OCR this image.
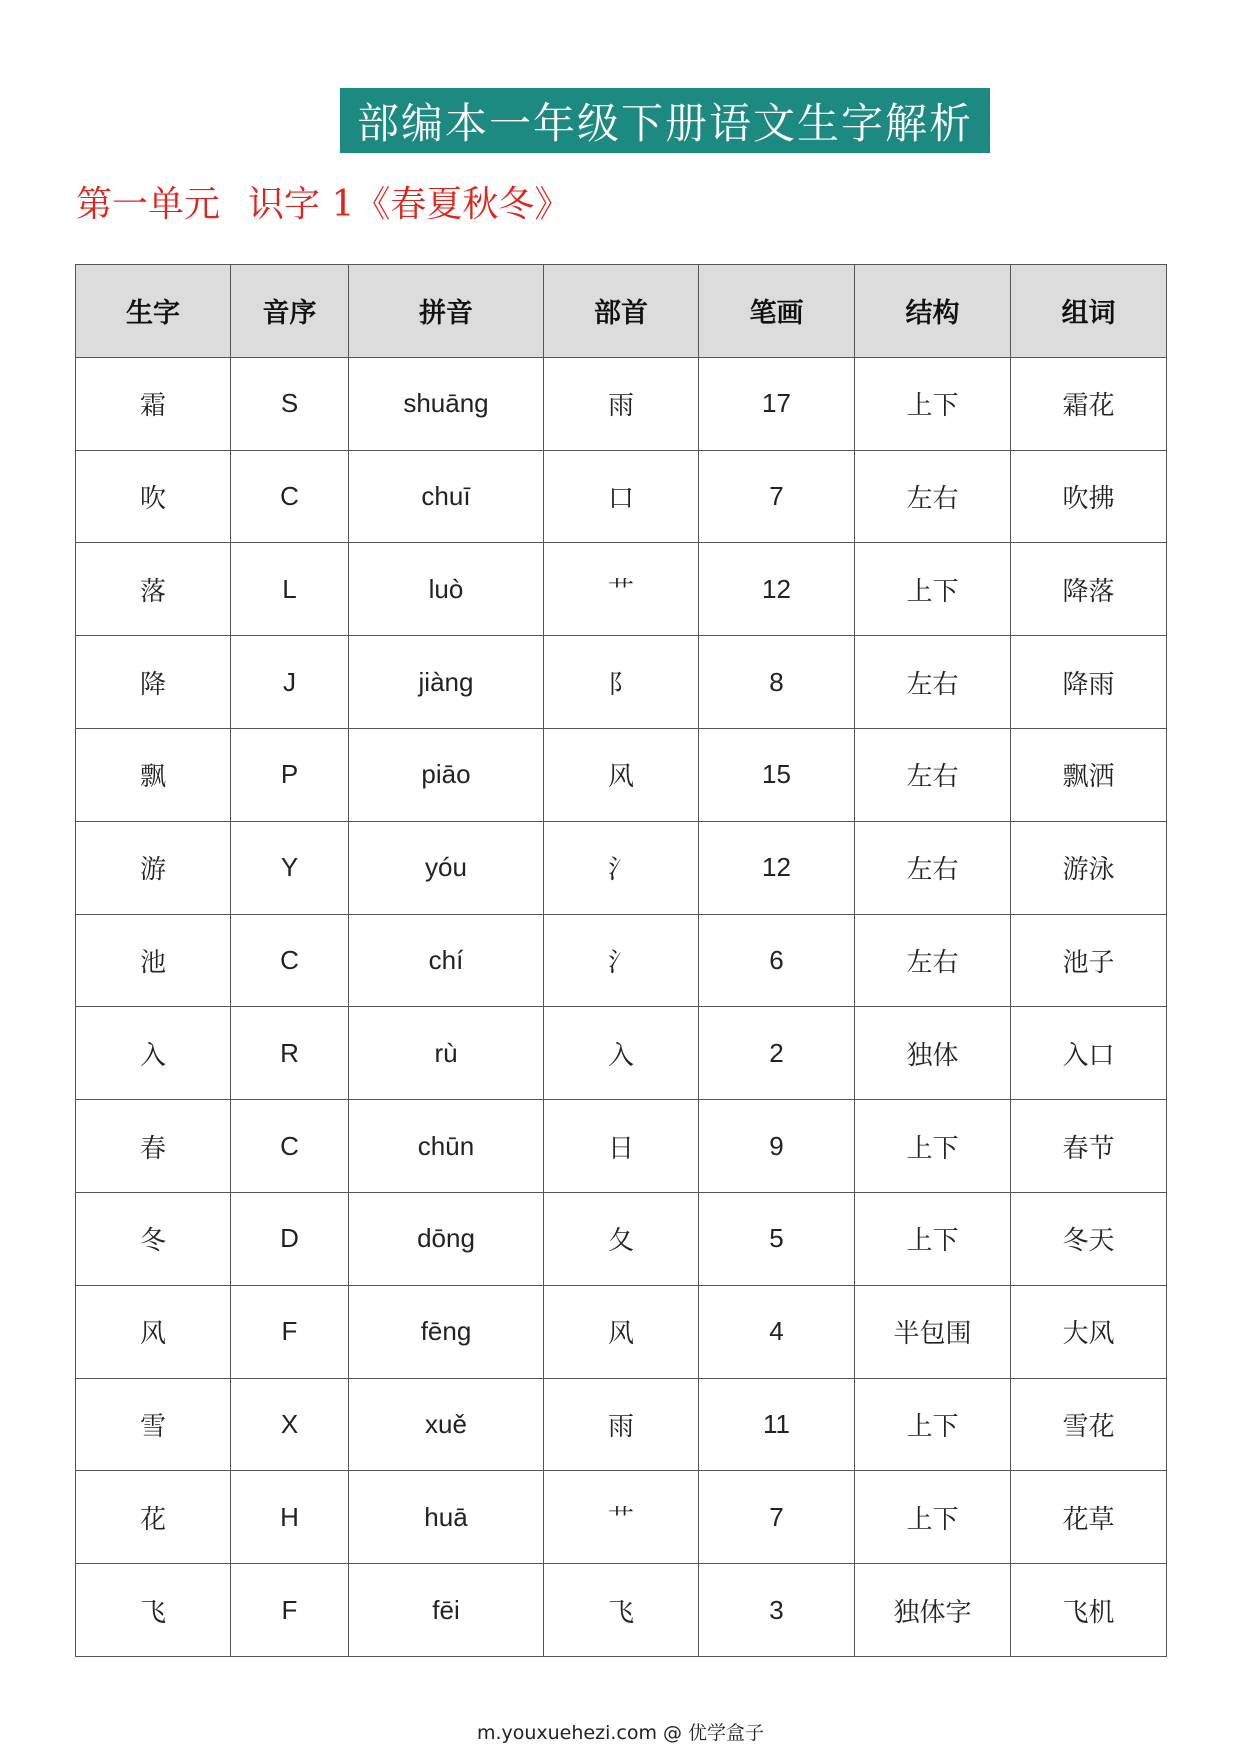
部编本一年级下册语文生字解析
第一单元 识字 1《春夏秋冬》
生字	音序	拼音	部首	笔画	结构	组词
霜	S	shuāng	雨	17	上下	霜花
吹	C	chuī	口	7	左右	吹拂
落	L	luò	艹	12	上下	降落
降	J	jiàng	阝	8	左右	降雨
飘	P	piāo	风	15	左右	飘洒
游	Y	yóu	氵	12	左右	游泳
池	C	chí	氵	6	左右	池子
入	R	rù	入	2	独体	入口
春	C	chūn	日	9	上下	春节
冬	D	dōng	夂	5	上下	冬天
风	F	fēng	风	4	半包围	大风
雪	X	xuě	雨	11	上下	雪花
花	H	huā	艹	7	上下	花草
飞	F	fēi	飞	3	独体字	飞机
m.youxuehezi.com @ 优学盒子
